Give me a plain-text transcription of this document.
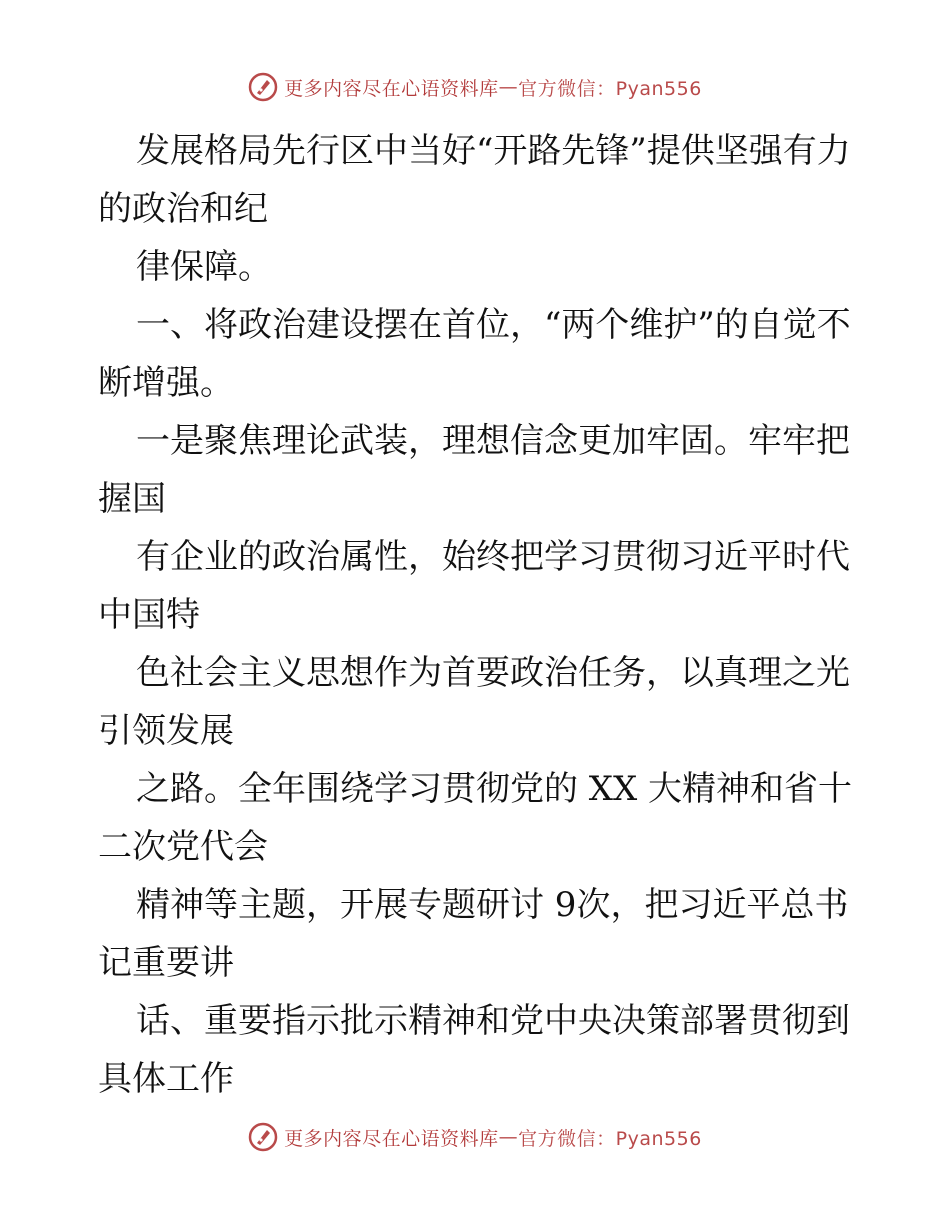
更多内容尽在心语资料库 — 官方微信：Pyan556

发展格局先行区中当好“开路先锋”提供坚强有力的政治和纪

律保障。

一、将政治建设摆在首位，“两个维护”的自觉不断增强。

一是聚焦理论武装，理想信念更加牢固。牢牢把握国

有企业的政治属性，始终把学习贯彻习近平时代中国特

色社会主义思想作为首要政治任务，以真理之光引领发展

之路。全年围绕学习贯彻党的 XX 大精神和省十二次党代会

精神等主题，开展专题研讨 9次，把习近平总书记重要讲

话、重要指示批示精神和党中央决策部署贯彻到具体工作

更多内容尽在心语资料库 — 官方微信：Pyan556
